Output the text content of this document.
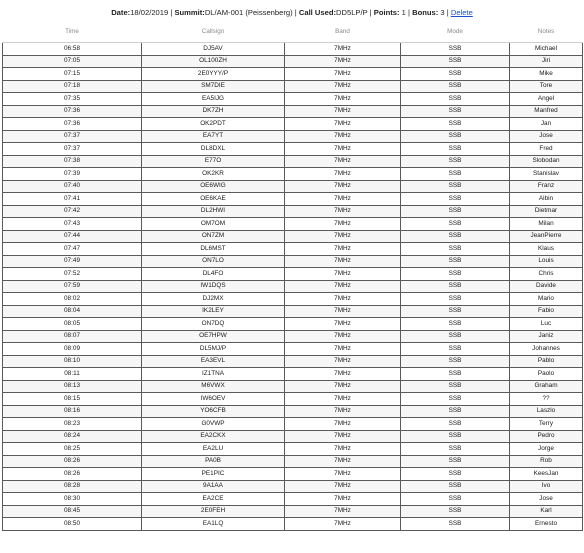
Date:18/02/2019 | Summit:DL/AM-001 (Peissenberg) | Call Used:DD5LP/P | Points: 1 | Bonus: 3 | Delete
Time	Callsign	Band	Mode	Notes
06:58	DJ5AV	7MHz	SSB	Michael
07:05	OL100ZH	7MHz	SSB	Jiri
07:15	2E0YYY/P	7MHz	SSB	Mike
07:18	SM7DIE	7MHz	SSB	Tore
07:35	EA5IJG	7MHz	SSB	Angel
07:36	DK7ZH	7MHz	SSB	Manfred
07:36	OK2PDT	7MHz	SSB	Jan
07:37	EA7YT	7MHz	SSB	Jose
07:37	DL8DXL	7MHz	SSB	Fred
07:38	E77O	7MHz	SSB	Slobodan
07:39	OK2KR	7MHz	SSB	Stanislav
07:40	OE6WIG	7MHz	SSB	Franz
07:41	OE6KAE	7MHz	SSB	Albin
07:42	DL2HWI	7MHz	SSB	Dietmar
07:43	OM7OM	7MHz	SSB	Milan
07:44	ON7ZM	7MHz	SSB	JeanPierre
07:47	DL6MST	7MHz	SSB	Klaus
07:49	ON7LO	7MHz	SSB	Louis
07:52	DL4FO	7MHz	SSB	Chris
07:59	IW1DQS	7MHz	SSB	Davide
08:02	DJ2MX	7MHz	SSB	Mario
08:04	IK2LEY	7MHz	SSB	Fabio
08:05	ON7DQ	7MHz	SSB	Luc
08:07	OE7HPW	7MHz	SSB	Janiz
08:09	DL5MJ/P	7MHz	SSB	Johannes
08:10	EA3EVL	7MHz	SSB	Pablo
08:11	IZ1TNA	7MHz	SSB	Paolo
08:13	M6VWX	7MHz	SSB	Graham
08:15	IW6OEV	7MHz	SSB	??
08:16	YO6CFB	7MHz	SSB	Laszlo
08:23	G0VWP	7MHz	SSB	Terry
08:24	EA2CKX	7MHz	SSB	Pedro
08:25	EA2LU	7MHz	SSB	Jorge
08:26	PA0B	7MHz	SSB	Rob
08:26	PE1PIC	7MHz	SSB	KeesJan
08:28	9A1AA	7MHz	SSB	Ivo
08:30	EA2CE	7MHz	SSB	Jose
08:45	2E0FEH	7MHz	SSB	Karl
08:50	EA1LQ	7MHz	SSB	Ernesto
